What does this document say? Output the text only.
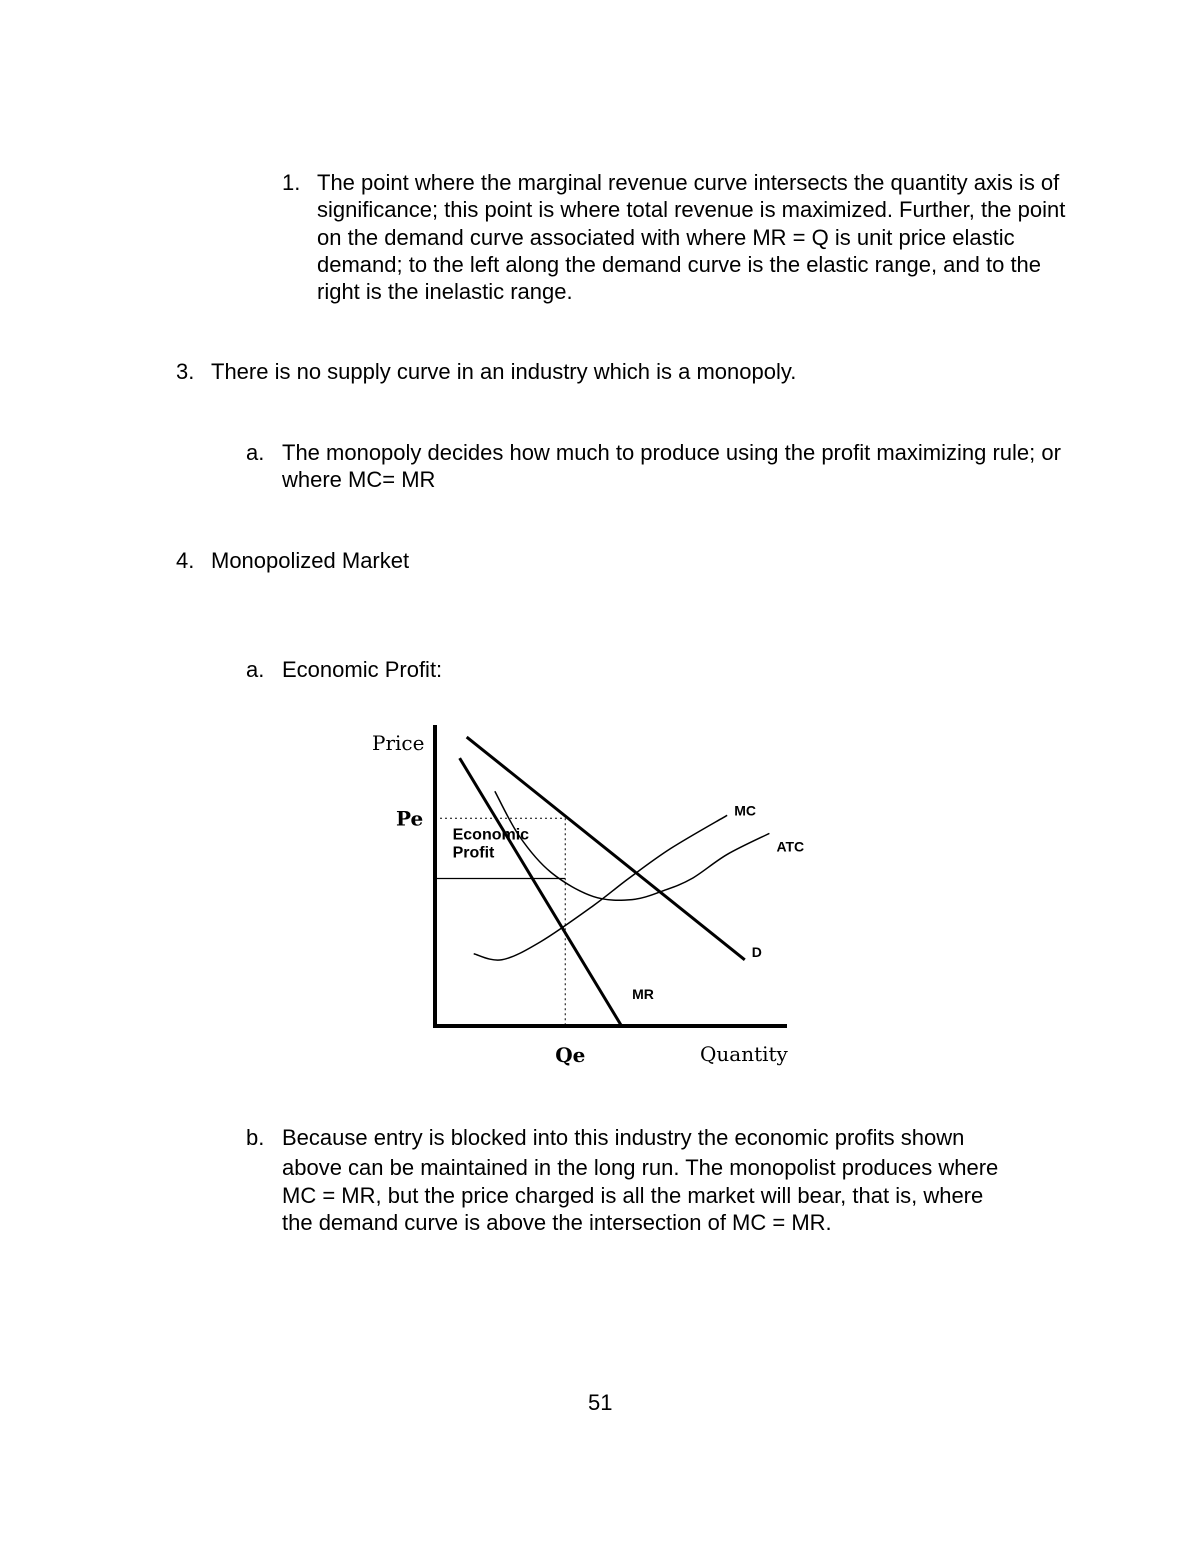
1. The point where the marginal revenue curve intersects the quantity axis is of significance; this point is where total revenue is maximized. Further, the point on the demand curve associated with where MR = Q is unit price elastic demand; to the left along the demand curve is the elastic range, and to the right is the inelastic range.
3. There is no supply curve in an industry which is a monopoly.
a. The monopoly decides how much to produce using the profit maximizing rule; or where MC= MR
4. Monopolized Market
a. Economic Profit:
Price
Quantity
Pe
Qe
Economic
Profit
MC
ATC
D
MR
b. Because entry is blocked into this industry the economic profits shown
above can be maintained in the long run. The monopolist produces where
MC = MR, but the price charged is all the market will bear, that is, where
the demand curve is above the intersection of MC = MR.
51
